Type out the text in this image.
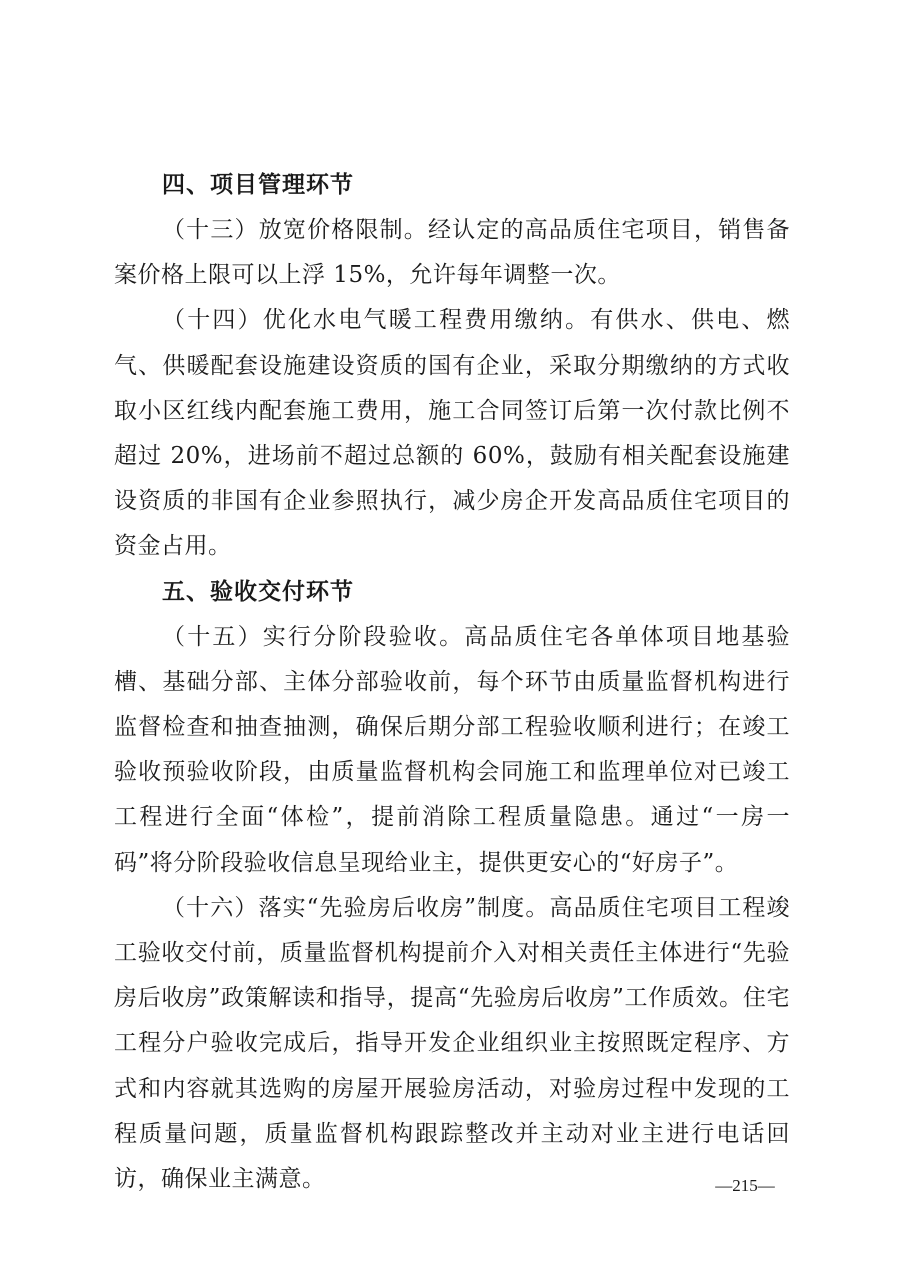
四、项目管理环节

（十三）放宽价格限制。经认定的高品质住宅项目，销售备案价格上限可以上浮 15%，允许每年调整一次。

（十四）优化水电气暖工程费用缴纳。有供水、供电、燃气、供暖配套设施建设资质的国有企业，采取分期缴纳的方式收取小区红线内配套施工费用，施工合同签订后第一次付款比例不超过 20%，进场前不超过总额的 60%，鼓励有相关配套设施建设资质的非国有企业参照执行，减少房企开发高品质住宅项目的资金占用。

五、验收交付环节

（十五）实行分阶段验收。高品质住宅各单体项目地基验槽、基础分部、主体分部验收前，每个环节由质量监督机构进行监督检查和抽查抽测，确保后期分部工程验收顺利进行；在竣工验收预验收阶段，由质量监督机构会同施工和监理单位对已竣工工程进行全面“体检”，提前消除工程质量隐患。通过“一房一码”将分阶段验收信息呈现给业主，提供更安心的“好房子”。

（十六）落实“先验房后收房”制度。高品质住宅项目工程竣工验收交付前，质量监督机构提前介入对相关责任主体进行“先验房后收房”政策解读和指导，提高“先验房后收房”工作质效。住宅工程分户验收完成后，指导开发企业组织业主按照既定程序、方式和内容就其选购的房屋开展验房活动，对验房过程中发现的工程质量问题，质量监督机构跟踪整改并主动对业主进行电话回访，确保业主满意。	—215—
